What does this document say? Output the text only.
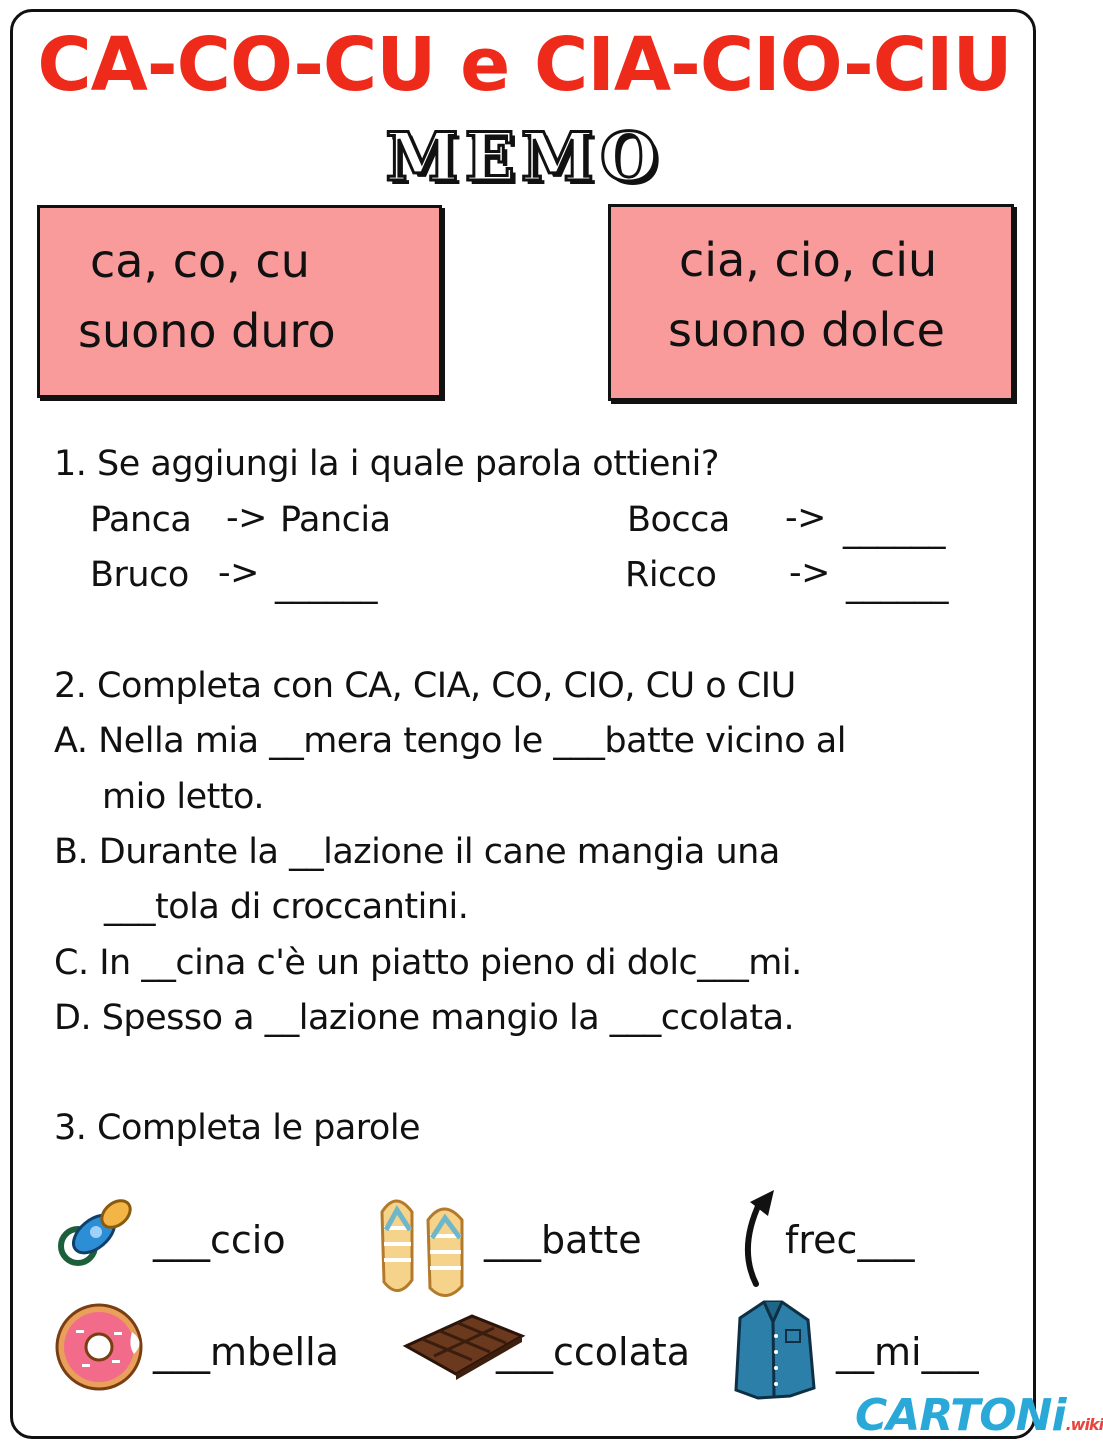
CA-CO-CU e CIA-CIO-CIU
MEMO
ca, co, cu
suono duro
cia, cio, ciu
suono dolce
1. Se aggiungi la i quale parola ottieni?
Panca -> Pancia	Bocca -> ______
Bruco -> ______	Ricco -> ______
2. Completa con CA, CIA, CO, CIO, CU o CIU
A. Nella mia __mera tengo le ___batte vicino al
mio letto.
B. Durante la __lazione il cane mangia una
___tola di croccantini.
C. In __cina c'è un piatto pieno di dolc___mi.
D. Spesso a __lazione mangio la ___ccolata.
3. Completa le parole
___ccio	___batte	frec___
___mbella	___ccolata	__mi___
CARTONi.wiki
